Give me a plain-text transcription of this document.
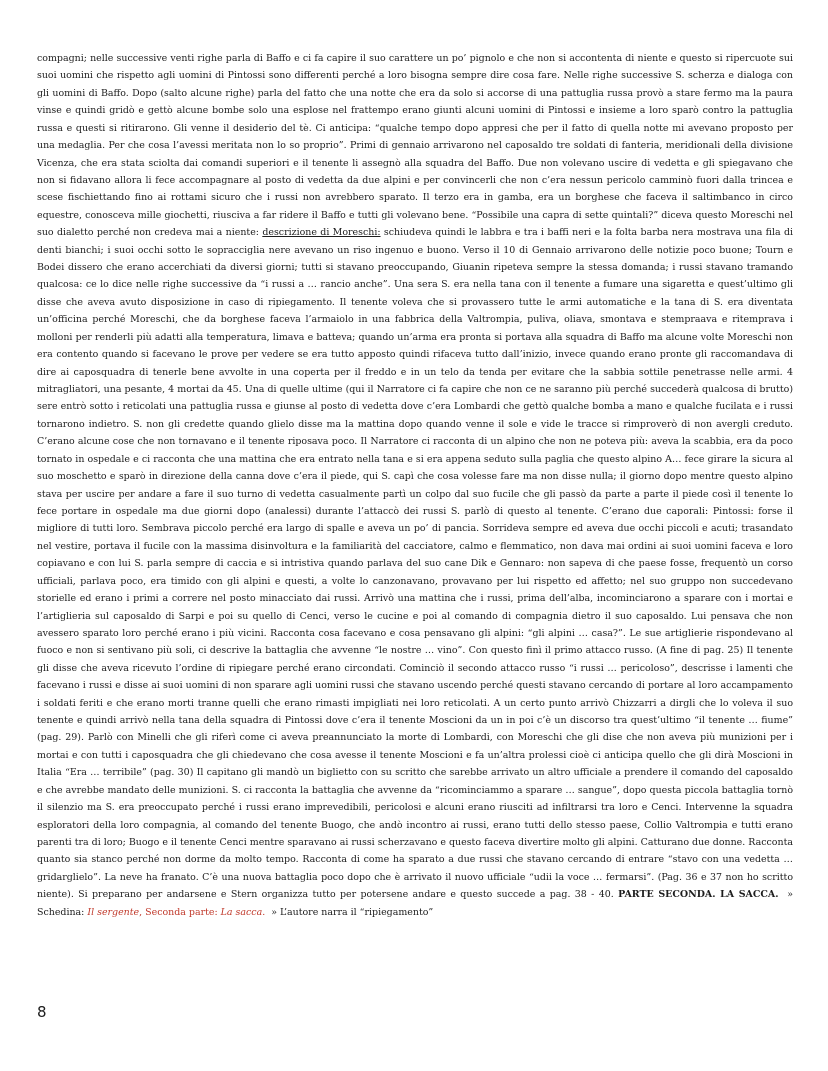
compagni; nelle successive venti righe parla di Baffo e ci fa capire il suo carattere un po’ pignolo e che non si accontenta di niente e questo si ripercuote sui suoi uomini che rispetto agli uomini di Pintossi sono differenti perché a loro bisogna sempre dire cosa fare. Nelle righe successive S. scherza e dialoga con gli uomini di Baffo. Dopo (salto alcune righe) parla del fatto che una notte che era da solo si accorse di una pattuglia russa provò a stare fermo ma la paura vinse e quindi gridò e gettò alcune bombe solo una esplose nel frattempo erano giunti alcuni uomini di Pintossi e insieme a loro sparò contro la pattuglia russa e questi si ritirarono. Gli venne il desiderio del tè. Ci anticipa: “qualche tempo dopo appresi che per il fatto di quella notte mi avevano proposto per una medaglia. Per che cosa l’avessi meritata non lo so proprio”. Primi di gennaio arrivarono nel caposaldo tre soldati di fanteria, meridionali della divisione Vicenza, che era stata sciolta dai comandi superiori e il tenente li assegnò alla squadra del Baffo. Due non volevano uscire di vedetta e gli spiegavano che non si fidavano allora li fece accompagnare al posto di vedetta da due alpini e per convincerli che non c’era nessun pericolo camminò fuori dalla trincea e scese fischiettando fino ai rottami sicuro che i russi non avrebbero sparato. Il terzo era in gamba, era un borghese che faceva il saltimbanco in circo equestre, conosceva mille giochetti, riusciva a far ridere il Baffo e tutti gli volevano bene. “Possibile una capra di sette quintali?” diceva questo Moreschi nel suo dialetto perché non credeva mai a niente: descrizione di Moreschi: schiudeva quindi le labbra e tra i baffi neri e la folta barba nera mostrava una fila di denti bianchi; i suoi occhi sotto le sopracciglia nere avevano un riso ingenuo e buono. Verso il 10 di Gennaio arrivarono delle notizie poco buone; Tourn e Bodei dissero che erano accerchiati da diversi giorni; tutti si stavano preoccupando, Giuanin ripeteva sempre la stessa domanda; i russi stavano tramando qualcosa: ce lo dice nelle righe successive da “i russi a … rancio anche”. Una sera S. era nella tana con il tenente a fumare una sigaretta e quest’ultimo gli disse che aveva avuto disposizione in caso di ripiegamento. Il tenente voleva che si provassero tutte le armi automatiche e la tana di S. era diventata un’officina perché Moreschi, che da borghese faceva l’armaiolo in una fabbrica della Valtrompia, puliva, oliava, smontava e stempraava e ritemprava i molloni per renderli più adatti alla temperatura, limava e batteva; quando un’arma era pronta si portava alla squadra di Baffo ma alcune volte Moreschi non era contento quando si facevano le prove per vedere se era tutto apposto quindi rifaceva tutto dall’inizio, invece quando erano pronte gli raccomandava di dire ai caposquadra di tenerle bene avvolte in una coperta per il freddo e in un telo da tenda per evitare che la sabbia sottile penetrasse nelle armi. 4 mitragliatori, una pesante, 4 mortai da 45. Una di quelle ultime (qui il Narratore ci fa capire che non ce ne saranno più perché succederà qualcosa di brutto) sere entrò sotto i reticolati una pattuglia russa e giunse al posto di vedetta dove c’era Lombardi che gettò qualche bomba a mano e qualche fucilata e i russi tornarono indietro. S. non gli credette quando glielo disse ma la mattina dopo quando venne il sole e vide le tracce si rimproverò di non avergli creduto. C’erano alcune cose che non tornavano e il tenente riposava poco. Il Narratore ci racconta di un alpino che non ne poteva più: aveva la scabbia, era da poco tornato in ospedale e ci racconta che una mattina che era entrato nella tana e si era appena seduto sulla paglia che questo alpino A… fece girare la sicura al suo moschetto e sparò in direzione della canna dove c’era il piede, qui S. capì che cosa volesse fare ma non disse nulla; il giorno dopo mentre questo alpino stava per uscire per andare a fare il suo turno di vedetta casualmente partì un colpo dal suo fucile che gli passò da parte a parte il piede così il tenente lo fece portare in ospedale ma due giorni dopo (analessi) durante l’attaccò dei russi S. parlò di questo al tenente. C’erano due caporali: Pintossi: forse il migliore di tutti loro. Sembrava piccolo perché era largo di spalle e aveva un po’ di pancia. Sorrideva sempre ed aveva due occhi piccoli e acuti; trasandato nel vestire, portava il fucile con la massima disinvoltura e la familiarità del cacciatore, calmo e flemmatico, non dava mai ordini ai suoi uomini faceva e loro copiavano e con lui S. parla sempre di caccia e si intristiva quando parlava del suo cane Dik e Gennaro: non sapeva di che paese fosse, frequentò un corso ufficiali, parlava poco, era timido con gli alpini e questi, a volte lo canzonavano, provavano per lui rispetto ed affetto; nel suo gruppo non succedevano storielle ed erano i primi a correre nel posto minacciato dai russi. Arrivò una mattina che i russi, prima dell’alba, incominciarono a sparare con i mortai e l’artiglieria sul caposaldo di Sarpi e poi su quello di Cenci, verso le cucine e poi al comando di compagnia dietro il suo caposaldo. Lui pensava che non avessero sparato loro perché erano i più vicini. Racconta cosa facevano e cosa pensavano gli alpini: “gli alpini … casa?”. Le sue artiglierie rispondevano al fuoco e non si sentivano più soli, ci descrive la battaglia che avvenne “le nostre … vino”. Con questo finì il primo attacco russo. (A fine di pag. 25) Il tenente gli disse che aveva ricevuto l’ordine di ripiegare perché erano circondati. Cominciò il secondo attacco russo “i russi … pericoloso”, descrisse i lamenti che facevano i russi e disse ai suoi uomini di non sparare agli uomini russi che stavano uscendo perché questi stavano cercando di portare al loro accampamento i soldati feriti e che erano morti tranne quelli che erano rimasti impigliati nei loro reticolati. A un certo punto arrivò Chizzarri a dirgli che lo voleva il suo tenente e quindi arrivò nella tana della squadra di Pintossi dove c’era il tenente Moscioni da un in poi c’è un discorso tra quest’ultimo “il tenente … fiume” (pag. 29). Parlò con Minelli che gli riferì come ci aveva preannunciato la morte di Lombardi, con Moreschi che gli dise che non aveva più munizioni per i mortai e con tutti i caposquadra che gli chiedevano che cosa avesse il tenente Moscioni e fa un’altra prolessi cioè ci anticipa quello che gli dirà Moscioni in Italia “Era … terribile” (pag. 30) Il capitano gli mandò un biglietto con su scritto che sarebbe arrivato un altro ufficiale a prendere il comando del caposaldo e che avrebbe mandato delle munizioni. S. ci racconta la battaglia che avvenne da “ricominciammo a sparare … sangue”, dopo questa piccola battaglia tornò il silenzio ma S. era preoccupato perché i russi erano imprevedibili, pericolosi e alcuni erano riusciti ad infiltrarsi tra loro e Cenci. Intervenne la squadra esploratori della loro compagnia, al comando del tenente Buogo, che andò incontro ai russi, erano tutti dello stesso paese, Collio Valtrompia e tutti erano parenti tra di loro; Buogo e il tenente Cenci mentre sparavano ai russi scherzavano e questo faceva divertire molto gli alpini. Catturano due donne. Racconta quanto sia stanco perché non dorme da molto tempo. Racconta di come ha sparato a due russi che stavano cercando di entrare “stavo con una vedetta … gridarglielo”. La neve ha franato. C’è una nuova battaglia poco dopo che è arrivato il nuovo ufficiale “udii la voce … fermarsi”. (Pag. 36 e 37 non ho scritto niente). Si preparano per andarsene e Stern organizza tutto per potersene andare e questo succede a pag. 38 - 40. PARTE SECONDA. LA SACCA. » Schedina: Il sergente, Seconda parte: La sacca. » L’autore narra il “ripiegamento”

8
